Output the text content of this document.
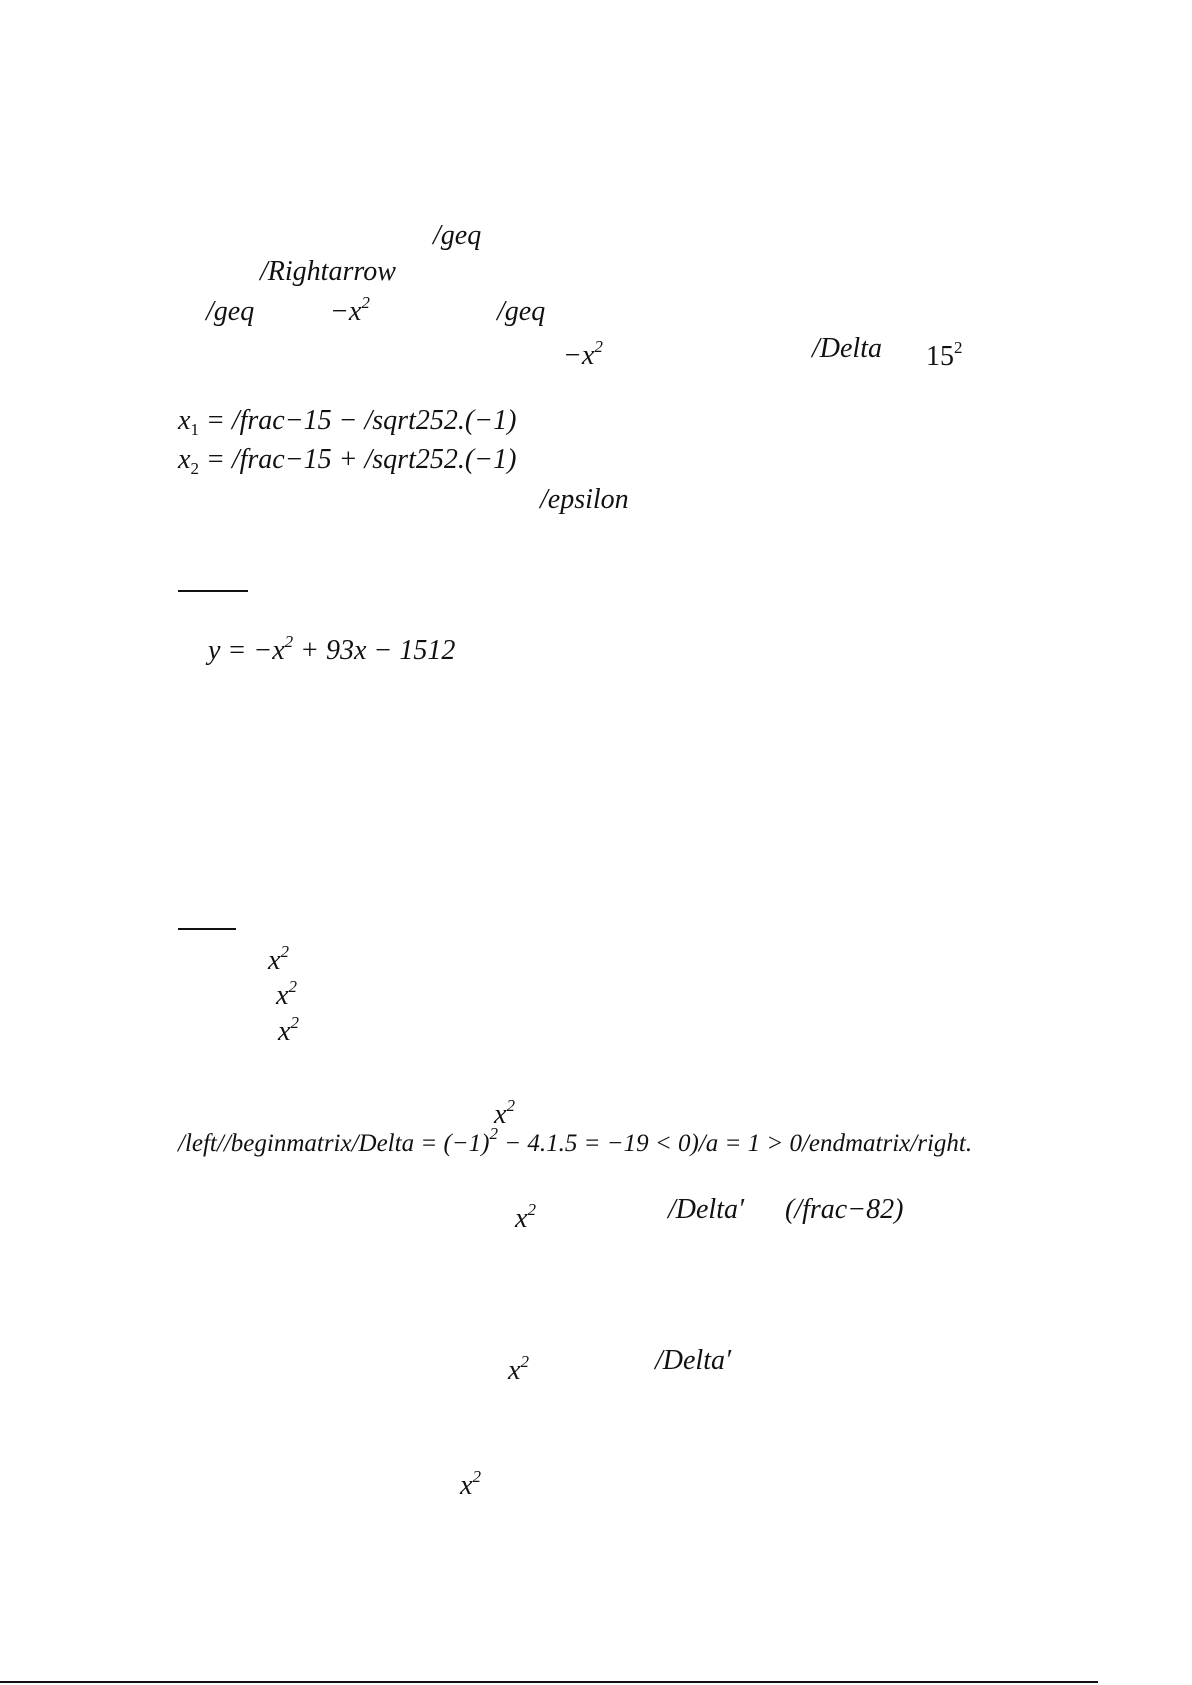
/geq
/Rightarrow
/geq	$-x^2$	/geq
$-x^2$	/Delta $15^2$
$x_1$ = /frac−15 − /sqrt252.(−1)
$x_2$ = /frac−15 + /sqrt252.(−1)
/epsilon
$y = -x^2 + 93x - 1512$
$x^2$
$x^2$
$x^2$
$x^2$
/left//beginmatrix/Delta = $(-1)^2 - 4.1.5 = -19 < 0)/a = 1$ > 0/endmatrix/right.
$x^2$	/Delta′ (/frac−82)
$x^2$	/Delta′
$x^2$
